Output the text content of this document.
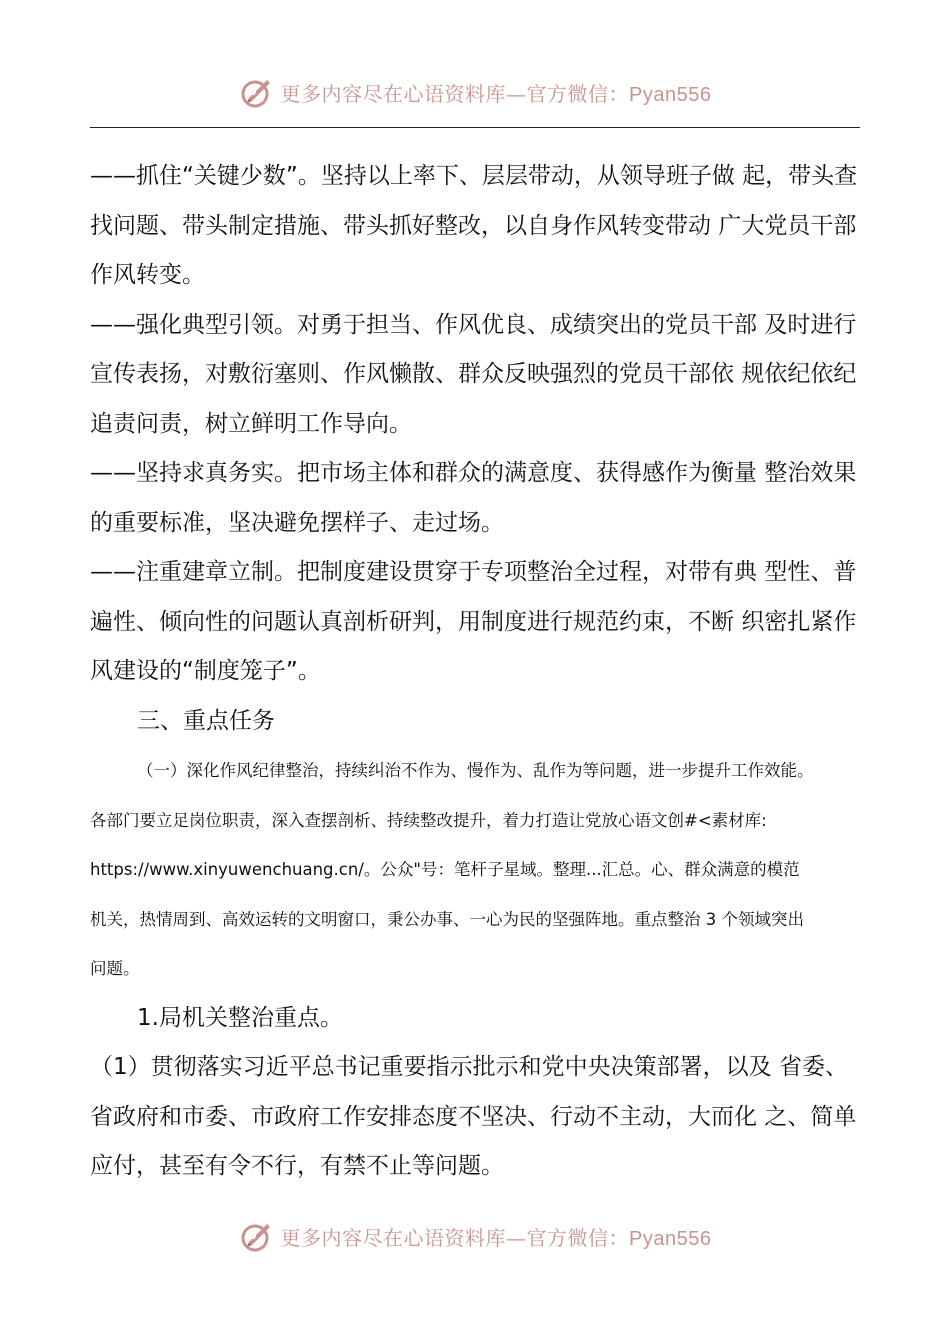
更多内容尽在心语资料库—官方微信：Pyan556
——抓住“关键少数”。坚持以上率下、层层带动，从领导班子做 起，带头查找问题、带头制定措施、带头抓好整改，以自身作风转变带动 广大党员干部作风转变。
——强化典型引领。对勇于担当、作风优良、成绩突出的党员干部 及时进行宣传表扬，对敷衍塞则、作风懒散、群众反映强烈的党员干部依 规依纪依纪追责问责，树立鲜明工作导向。
——坚持求真务实。把市场主体和群众的满意度、获得感作为衡量 整治效果的重要标准，坚决避免摆样子、走过场。
——注重建章立制。把制度建设贯穿于专项整治全过程，对带有典 型性、普遍性、倾向性的问题认真剖析研判，用制度进行规范约束，不断 织密扎紧作风建设的“制度笼子”。
三、重点任务
（一）深化作风纪律整治，持续纠治不作为、慢作为、乱作为等问题，进一步提升工作效能。
各部门要立足岗位职责，深入查摆剖析、持续整改提升，着力打造让党放心语文创#<素材库:
https://www.xinyuwenchuang.cn/。公众"号：笔杆子星域。整理...汇总。心、群众满意的模范
机关，热情周到、高效运转的文明窗口，秉公办事、一心为民的坚强阵地。重点整治 3 个领域突出
问题。
1.局机关整治重点。
（1）贯彻落实习近平总书记重要指示批示和党中央决策部署，以及 省委、省政府和市委、市政府工作安排态度不坚决、行动不主动，大而化 之、简单应付，甚至有令不行，有禁不止等问题。
更多内容尽在心语资料库—官方微信：Pyan556
